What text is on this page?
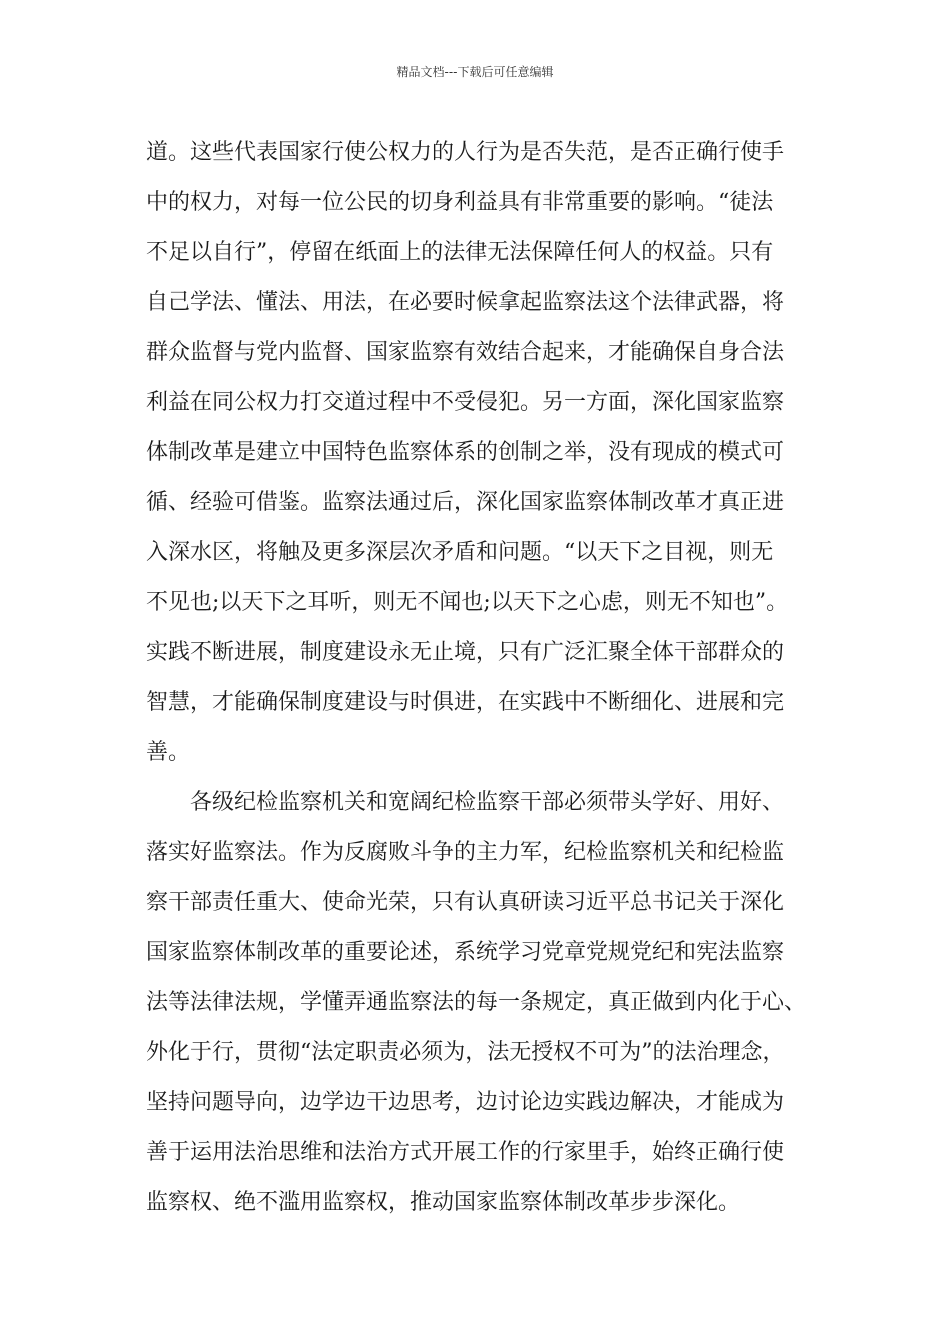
精品文档---下载后可任意编辑
道。这些代表国家行使公权力的人行为是否失范，是否正确行使手
中的权力，对每一位公民的切身利益具有非常重要的影响。“徒法
不足以自行”，停留在纸面上的法律无法保障任何人的权益。只有
自己学法、懂法、用法，在必要时候拿起监察法这个法律武器，将
群众监督与党内监督、国家监察有效结合起来，才能确保自身合法
利益在同公权力打交道过程中不受侵犯。另一方面，深化国家监察
体制改革是建立中国特色监察体系的创制之举，没有现成的模式可
循、经验可借鉴。监察法通过后，深化国家监察体制改革才真正进
入深水区，将触及更多深层次矛盾和问题。“以天下之目视，则无
不见也;以天下之耳听，则无不闻也;以天下之心虑，则无不知也”。
实践不断进展，制度建设永无止境，只有广泛汇聚全体干部群众的
智慧，才能确保制度建设与时俱进，在实践中不断细化、进展和完
善。
各级纪检监察机关和宽阔纪检监察干部必须带头学好、用好、
落实好监察法。作为反腐败斗争的主力军，纪检监察机关和纪检监
察干部责任重大、使命光荣，只有认真研读习近平总书记关于深化
国家监察体制改革的重要论述，系统学习党章党规党纪和宪法监察
法等法律法规，学懂弄通监察法的每一条规定，真正做到内化于心、
外化于行，贯彻“法定职责必须为，法无授权不可为”的法治理念，
坚持问题导向，边学边干边思考，边讨论边实践边解决，才能成为
善于运用法治思维和法治方式开展工作的行家里手，始终正确行使
监察权、绝不滥用监察权，推动国家监察体制改革步步深化。
